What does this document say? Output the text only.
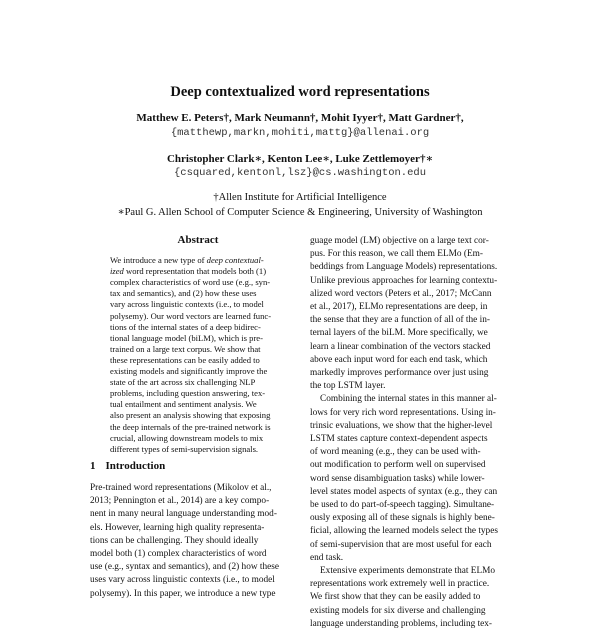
Deep contextualized word representations
Matthew E. Peters†, Mark Neumann†, Mohit Iyyer†, Matt Gardner†,
{matthewp,markn,mohiti,mattg}@allenai.org
Christopher Clark∗, Kenton Lee∗, Luke Zettlemoyer†∗
{csquared,kentonl,lsz}@cs.washington.edu
†Allen Institute for Artificial Intelligence
∗Paul G. Allen School of Computer Science & Engineering, University of Washington
Abstract
We introduce a new type of deep contextual-
ized word representation that models both (1)
complex characteristics of word use (e.g., syn-
tax and semantics), and (2) how these uses
vary across linguistic contexts (i.e., to model
polysemy). Our word vectors are learned func-
tions of the internal states of a deep bidirec-
tional language model (biLM), which is pre-
trained on a large text corpus. We show that
these representations can be easily added to
existing models and significantly improve the
state of the art across six challenging NLP
problems, including question answering, tex-
tual entailment and sentiment analysis. We
also present an analysis showing that exposing
the deep internals of the pre-trained network is
crucial, allowing downstream models to mix
different types of semi-supervision signals.
1 Introduction
Pre-trained word representations (Mikolov et al.,
2013; Pennington et al., 2014) are a key compo-
nent in many neural language understanding mod-
els. However, learning high quality representa-
tions can be challenging. They should ideally
model both (1) complex characteristics of word
use (e.g., syntax and semantics), and (2) how these
uses vary across linguistic contexts (i.e., to model
polysemy). In this paper, we introduce a new type
guage model (LM) objective on a large text cor-
pus. For this reason, we call them ELMo (Em-
beddings from Language Models) representations.
Unlike previous approaches for learning contextu-
alized word vectors (Peters et al., 2017; McCann
et al., 2017), ELMo representations are deep, in
the sense that they are a function of all of the in-
ternal layers of the biLM. More specifically, we
learn a linear combination of the vectors stacked
above each input word for each end task, which
markedly improves performance over just using
the top LSTM layer.
Combining the internal states in this manner al-
lows for very rich word representations. Using in-
trinsic evaluations, we show that the higher-level
LSTM states capture context-dependent aspects
of word meaning (e.g., they can be used with-
out modification to perform well on supervised
word sense disambiguation tasks) while lower-
level states model aspects of syntax (e.g., they can
be used to do part-of-speech tagging). Simultane-
ously exposing all of these signals is highly bene-
ficial, allowing the learned models select the types
of semi-supervision that are most useful for each
end task.
Extensive experiments demonstrate that ELMo
representations work extremely well in practice.
We first show that they can be easily added to
existing models for six diverse and challenging
language understanding problems, including tex-
